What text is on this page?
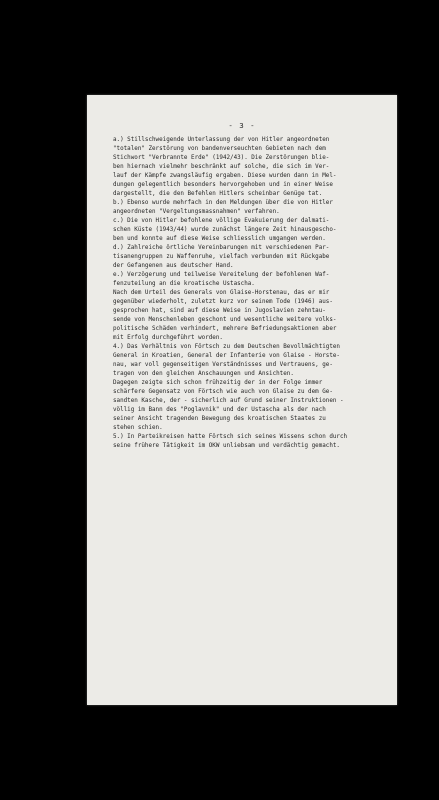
- 3 -
a.) Stillschweigende Unterlassung der von Hitler angeordneten
"totalen" Zerstörung von bandenverseuchten Gebieten nach dem
Stichwort "Verbrannte Erde" (1942/43). Die Zerstörungen blie-
ben hiernach vielmehr beschränkt auf solche, die sich im Ver-
lauf der Kämpfe zwangsläufig ergaben. Diese wurden dann in Mel-
dungen gelegentlich besonders hervorgehoben und in einer Weise
dargestellt, die den Befehlen Hitlers scheinbar Genüge tat.
b.) Ebenso wurde mehrfach in den Meldungen über die von Hitler
angeordneten "Vergeltungsmassnahmen" verfahren.
c.) Die von Hitler befohlene völlige Evakuierung der dalmati-
schen Küste (1943/44) wurde zunächst längere Zeit hinausgescho-
ben und konnte auf diese Weise schliesslich umgangen werden.
d.) Zahlreiche örtliche Vereinbarungen mit verschiedenen Par-
tisanengruppen zu Waffenruhe, vielfach verbunden mit Rückgabe
der Gefangenen aus deutscher Hand.
e.) Verzögerung und teilweise Vereitelung der befohlenen Waf-
fenzuteilung an die kroatische Ustascha.
Nach dem Urteil des Generals von Glaise-Horstenau, das er mir
gegenüber wiederholt, zuletzt kurz vor seinem Tode (1946) aus-
gesprochen hat, sind auf diese Weise in Jugoslavien zehntau-
sende von Menschenleben geschont und wesentliche weitere volks-
politische Schäden verhindert, mehrere Befriedungsaktionen aber
mit Erfolg durchgeführt worden.
4.) Das Verhältnis von Förtsch zu dem Deutschen Bevollmächtigten
General in Kroatien, General der Infanterie von Glaise - Horste-
nau, war voll gegenseitigen Verständnisses und Vertrauens, ge-
tragen von den gleichen Anschauungen und Ansichten.
Dagegen zeigte sich schon frühzeitig der in der Folge immer
schärfere Gegensatz von Förtsch wie auch von Glaise zu dem Ge-
sandten Kasche, der - sicherlich auf Grund seiner Instruktionen -
völlig im Bann des "Poglavnik" und der Ustascha als der nach
seiner Ansicht tragenden Bewegung des kroatischen Staates zu
stehen schien.
5.) In Parteikreisen hatte Förtsch sich seines Wissens schon durch
seine frühere Tätigkeit im OKW unliebsam und verdächtig gemacht.
